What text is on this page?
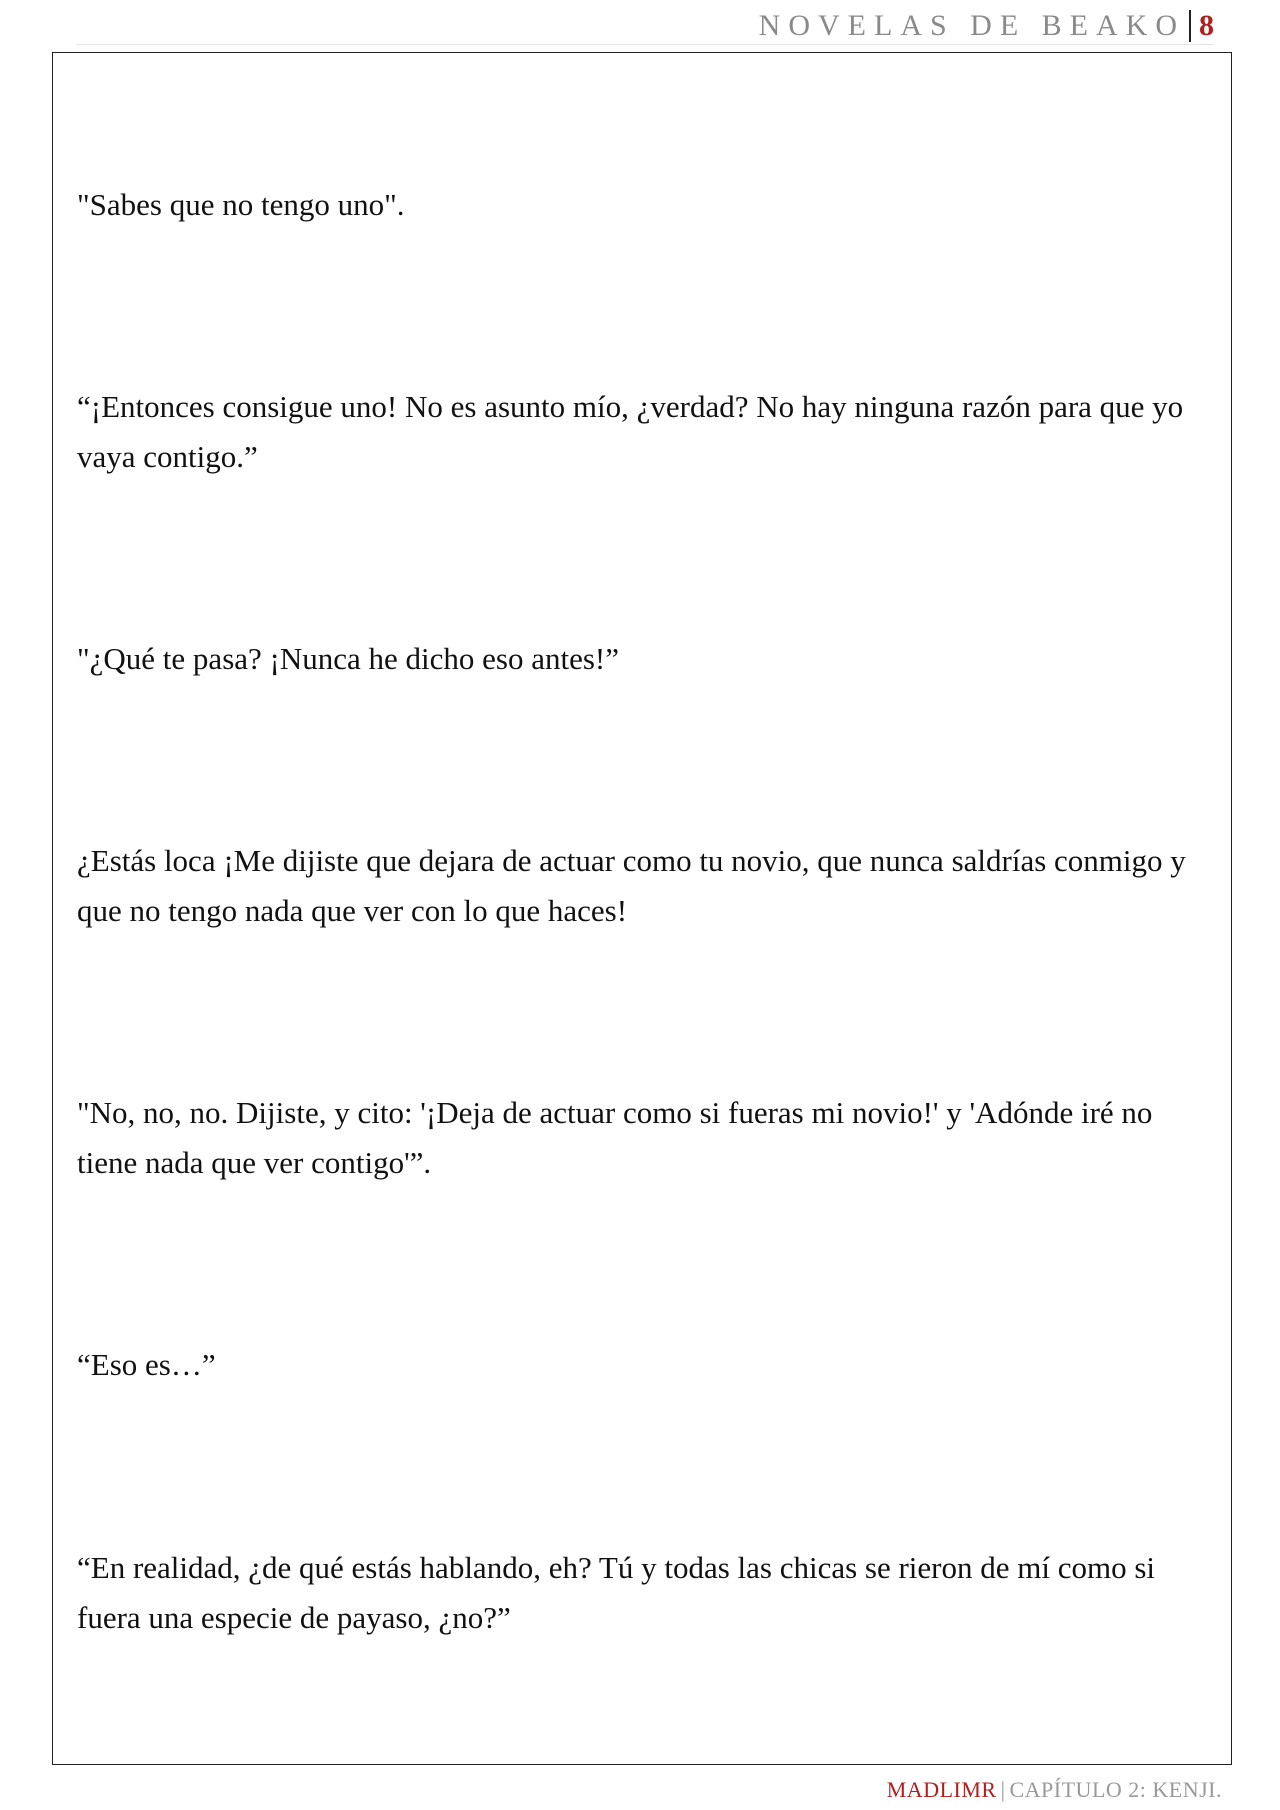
NOVELAS DE BEAKO 8

"Sabes que no tengo uno".

“¡Entonces consigue uno! No es asunto mío, ¿verdad? No hay ninguna razón para que yo vaya contigo.”

"¿Qué te pasa? ¡Nunca he dicho eso antes!”

¿Estás loca ¡Me dijiste que dejara de actuar como tu novio, que nunca saldrías conmigo y que no tengo nada que ver con lo que haces!

"No, no, no. Dijiste, y cito: '¡Deja de actuar como si fueras mi novio!' y 'Adónde iré no tiene nada que ver contigo'”.

“Eso es…”

“En realidad, ¿de qué estás hablando, eh? Tú y todas las chicas se rieron de mí como si fuera una especie de payaso, ¿no?”

MADLIMR | CAPÍTULO 2: KENJI.
